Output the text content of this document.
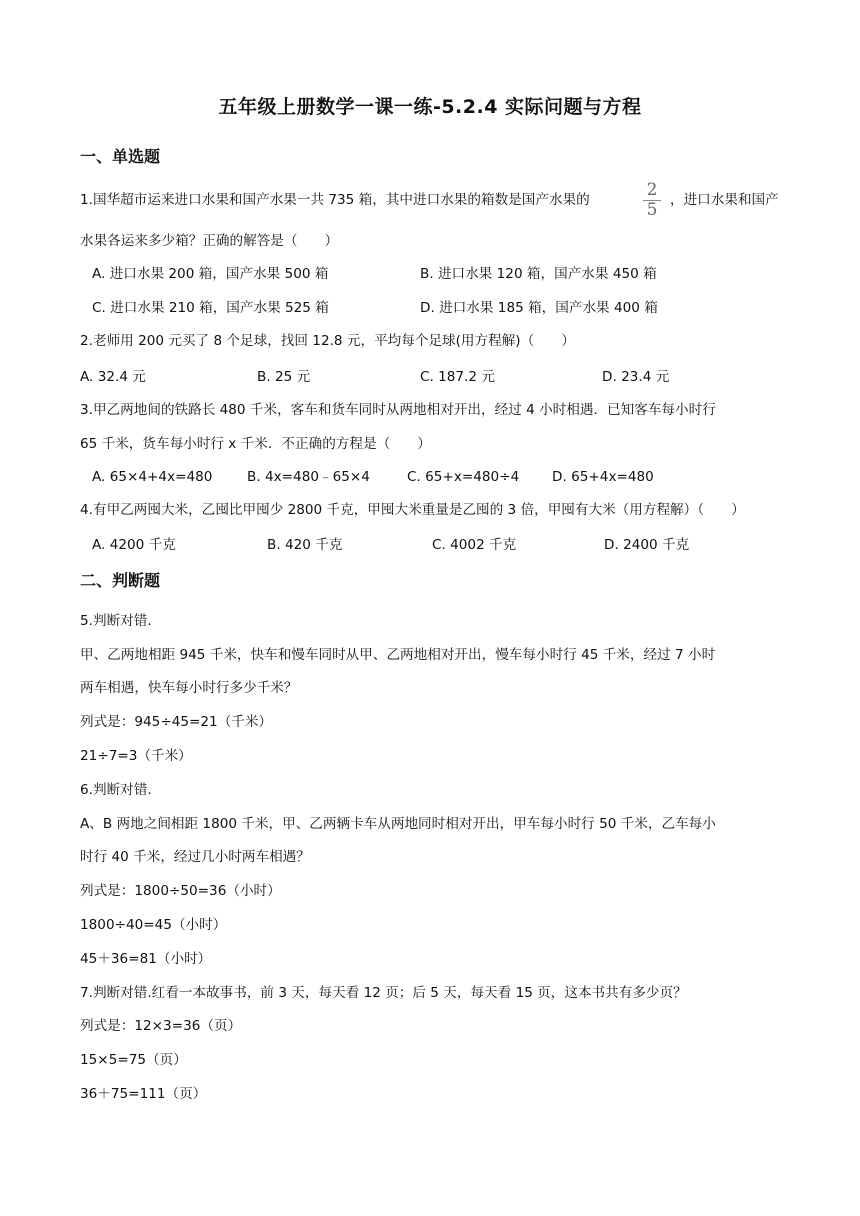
五年级上册数学一课一练-5.2.4 实际问题与方程
一、单选题
1.国华超市运来进口水果和国产水果一共 735 箱，其中进口水果的箱数是国产水果的	2
5 ，进口水果和国产
水果各运来多少箱？正确的解答是（　　）
A. 进口水果 200 箱，国产水果 500 箱	B. 进口水果 120 箱，国产水果 450 箱
C. 进口水果 210 箱，国产水果 525 箱	D. 进口水果 185 箱，国产水果 400 箱
2.老师用 200 元买了 8 个足球，找回 12.8 元，平均每个足球(用方程解)（　　）
A. 32.4 元	B. 25 元	C. 187.2 元	D. 23.4 元
3.甲乙两地间的铁路长 480 千米，客车和货车同时从两地相对开出，经过 4 小时相遇．已知客车每小时行
65 千米，货车每小时行 x 千米．不正确的方程是（　　）
A. 65×4+4x=480	B. 4x=480﹣65×4	C. 65+x=480÷4 D. 65+4x=480
4.有甲乙两囤大米，乙囤比甲囤少 2800 千克，甲囤大米重量是乙囤的 3 倍，甲囤有大米（用方程解）（　　）
A. 4200 千克	B. 420 千克	C. 4002 千克	D. 2400 千克
二、判断题
5.判断对错.
甲、乙两地相距 945 千米，快车和慢车同时从甲、乙两地相对开出，慢车每小时行 45 千米，经过 7 小时
两车相遇，快车每小时行多少千米？
列式是：945÷45=21（千米）
21÷7=3（千米）
6.判断对错.
A、B 两地之间相距 1800 千米，甲、乙两辆卡车从两地同时相对开出，甲车每小时行 50 千米，乙车每小
时行 40 千米，经过几小时两车相遇？
列式是：1800÷50=36（小时）
1800÷40=45（小时）
45＋36=81（小时）
7.判断对错.红看一本故事书，前 3 天，每天看 12 页；后 5 天，每天看 15 页，这本书共有多少页？
列式是：12×3=36（页）
15×5=75（页）
36＋75=111（页）
